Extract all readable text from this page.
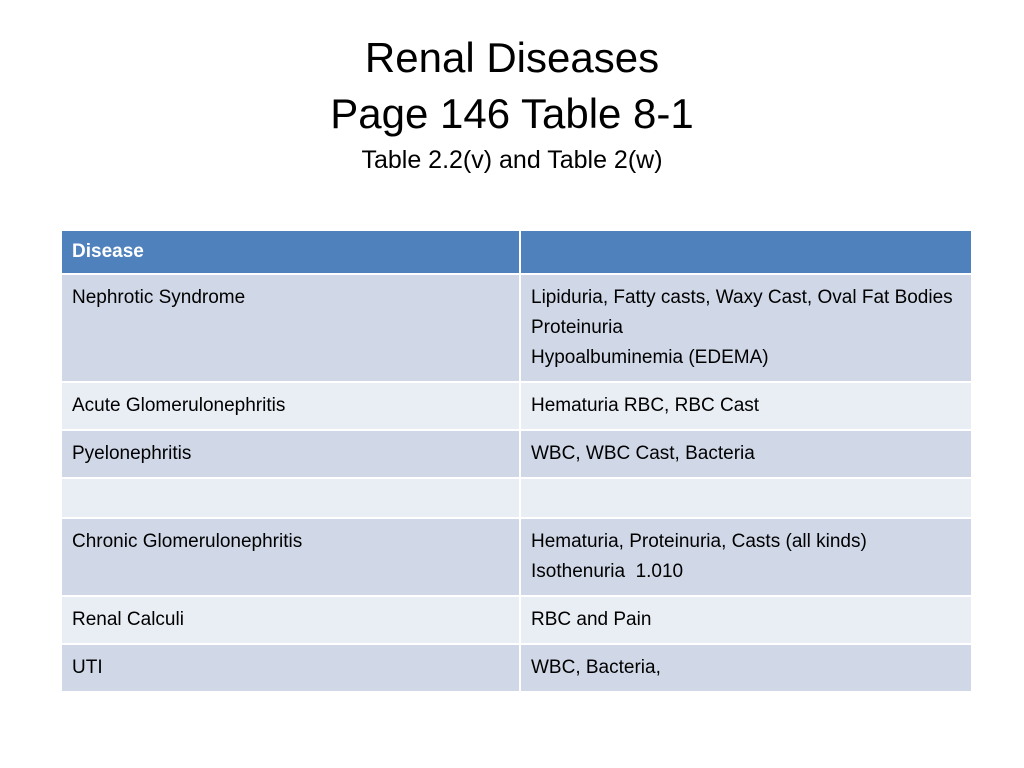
Renal Diseases
Page 146 Table 8-1
Table 2.2(v) and Table 2(w)
Disease	
Nephrotic Syndrome	Lipiduria, Fatty casts, Waxy Cast, Oval Fat Bodies
Proteinuria
Hypoalbuminemia (EDEMA)

Acute Glomerulonephritis	Hematuria RBC, RBC Cast

Pyelonephritis	WBC, WBC Cast, Bacteria

Chronic Glomerulonephritis	Hematuria, Proteinuria, Casts (all kinds)
Isothenuria  1.010

Renal Calculi	RBC and Pain

UTI	WBC, Bacteria,
